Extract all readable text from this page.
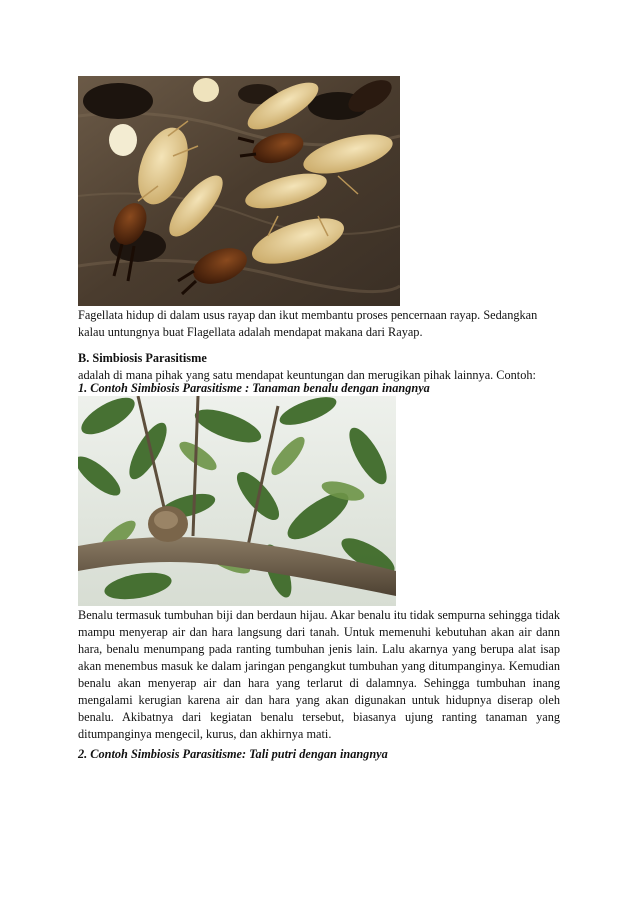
Fagellata hidup di dalam usus rayap dan ikut membantu proses pencernaan rayap. Sedangkan kalau untungnya buat Flagellata adalah mendapat makana dari Rayap.
B. Simbiosis Parasitisme
adalah di mana pihak yang satu mendapat keuntungan dan merugikan pihak lainnya. Contoh:
1. Contoh Simbiosis Parasitisme : Tanaman benalu dengan inangnya
Benalu termasuk tumbuhan biji dan berdaun hijau. Akar benalu itu tidak sempurna sehingga tidak mampu menyerap air dan hara langsung dari tanah. Untuk memenuhi kebutuhan akan air dann hara, benalu menumpang pada ranting tumbuhan jenis lain. Lalu akarnya yang berupa alat isap akan menembus masuk ke dalam jaringan pengangkut tumbuhan yang ditumpanginya. Kemudian benalu akan menyerap air dan hara yang terlarut di dalamnya. Sehingga tumbuhan inang mengalami kerugian karena air dan hara yang akan digunakan untuk hidupnya diserap oleh benalu. Akibatnya dari kegiatan benalu tersebut, biasanya ujung ranting tanaman yang ditumpanginya mengecil, kurus, dan akhirnya mati.
2. Contoh Simbiosis Parasitisme: Tali putri dengan inangnya
